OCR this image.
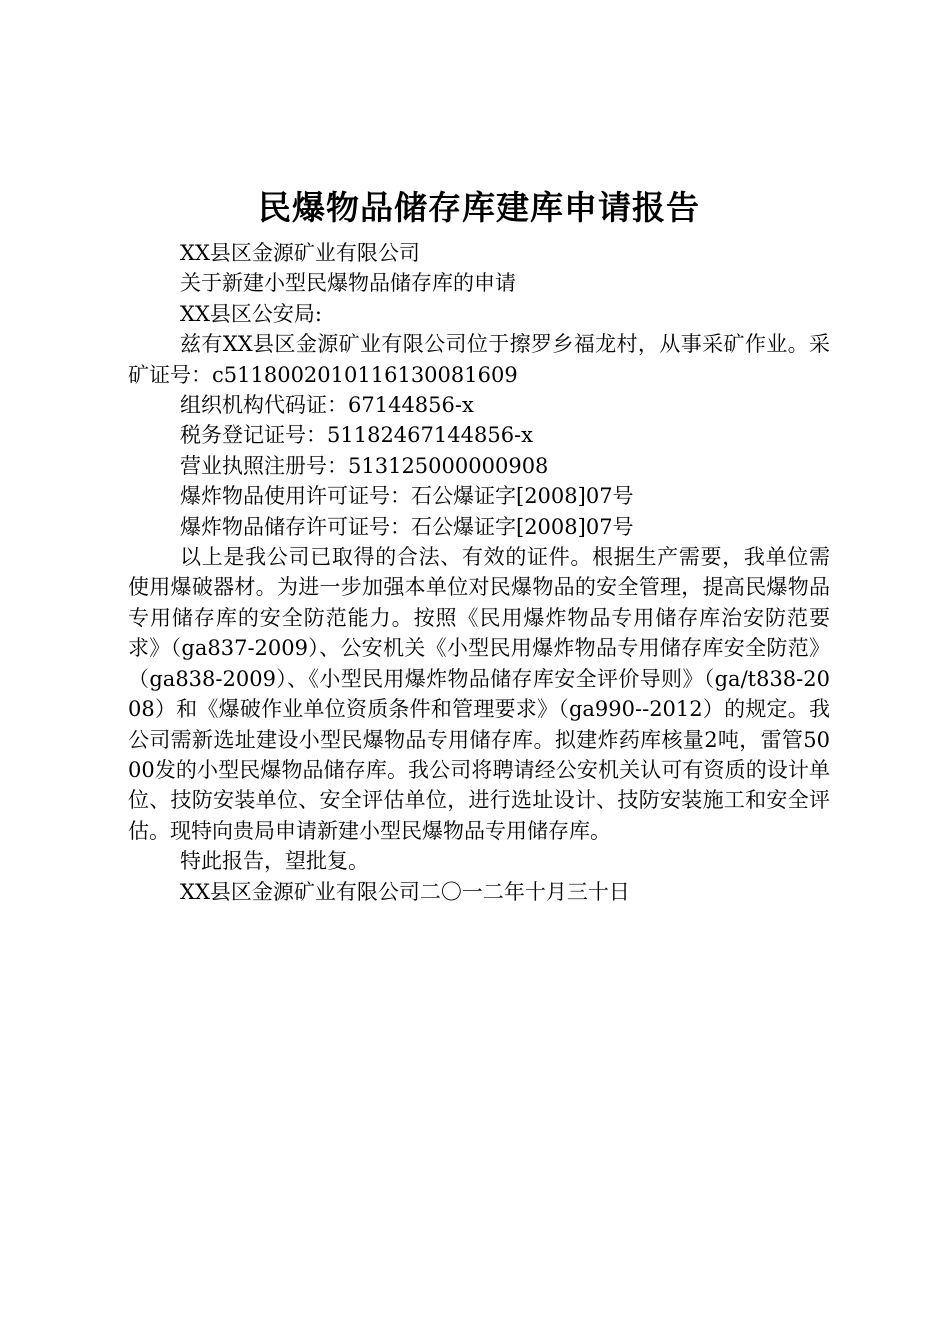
民爆物品储存库建库申请报告

XX县区金源矿业有限公司

关于新建小型民爆物品储存库的申请

XX县区公安局:

兹有XX县区金源矿业有限公司位于擦罗乡福龙村，从事采矿作业。采矿证号：c5118002010116130081609

组织机构代码证：67144856-x

税务登记证号：51182467144856-x

营业执照注册号：513125000000908

爆炸物品使用许可证号：石公爆证字[2008]07号

爆炸物品储存许可证号：石公爆证字[2008]07号

以上是我公司已取得的合法、有效的证件。根据生产需要，我单位需使用爆破器材。为进一步加强本单位对民爆物品的安全管理，提高民爆物品专用储存库的安全防范能力。按照《民用爆炸物品专用储存库治安防范要求》（ga837-2009）、公安机关《小型民用爆炸物品专用储存库安全防范》（ga838-2009）、《小型民用爆炸物品储存库安全评价导则》（ga/t838-2008）和《爆破作业单位资质条件和管理要求》（ga990--2012）的规定。我公司需新选址建设小型民爆物品专用储存库。拟建炸药库核量2吨，雷管5000发的小型民爆物品储存库。我公司将聘请经公安机关认可有资质的设计单位、技防安装单位、安全评估单位，进行选址设计、技防安装施工和安全评估。现特向贵局申请新建小型民爆物品专用储存库。

特此报告，望批复。

XX县区金源矿业有限公司二〇一二年十月三十日
